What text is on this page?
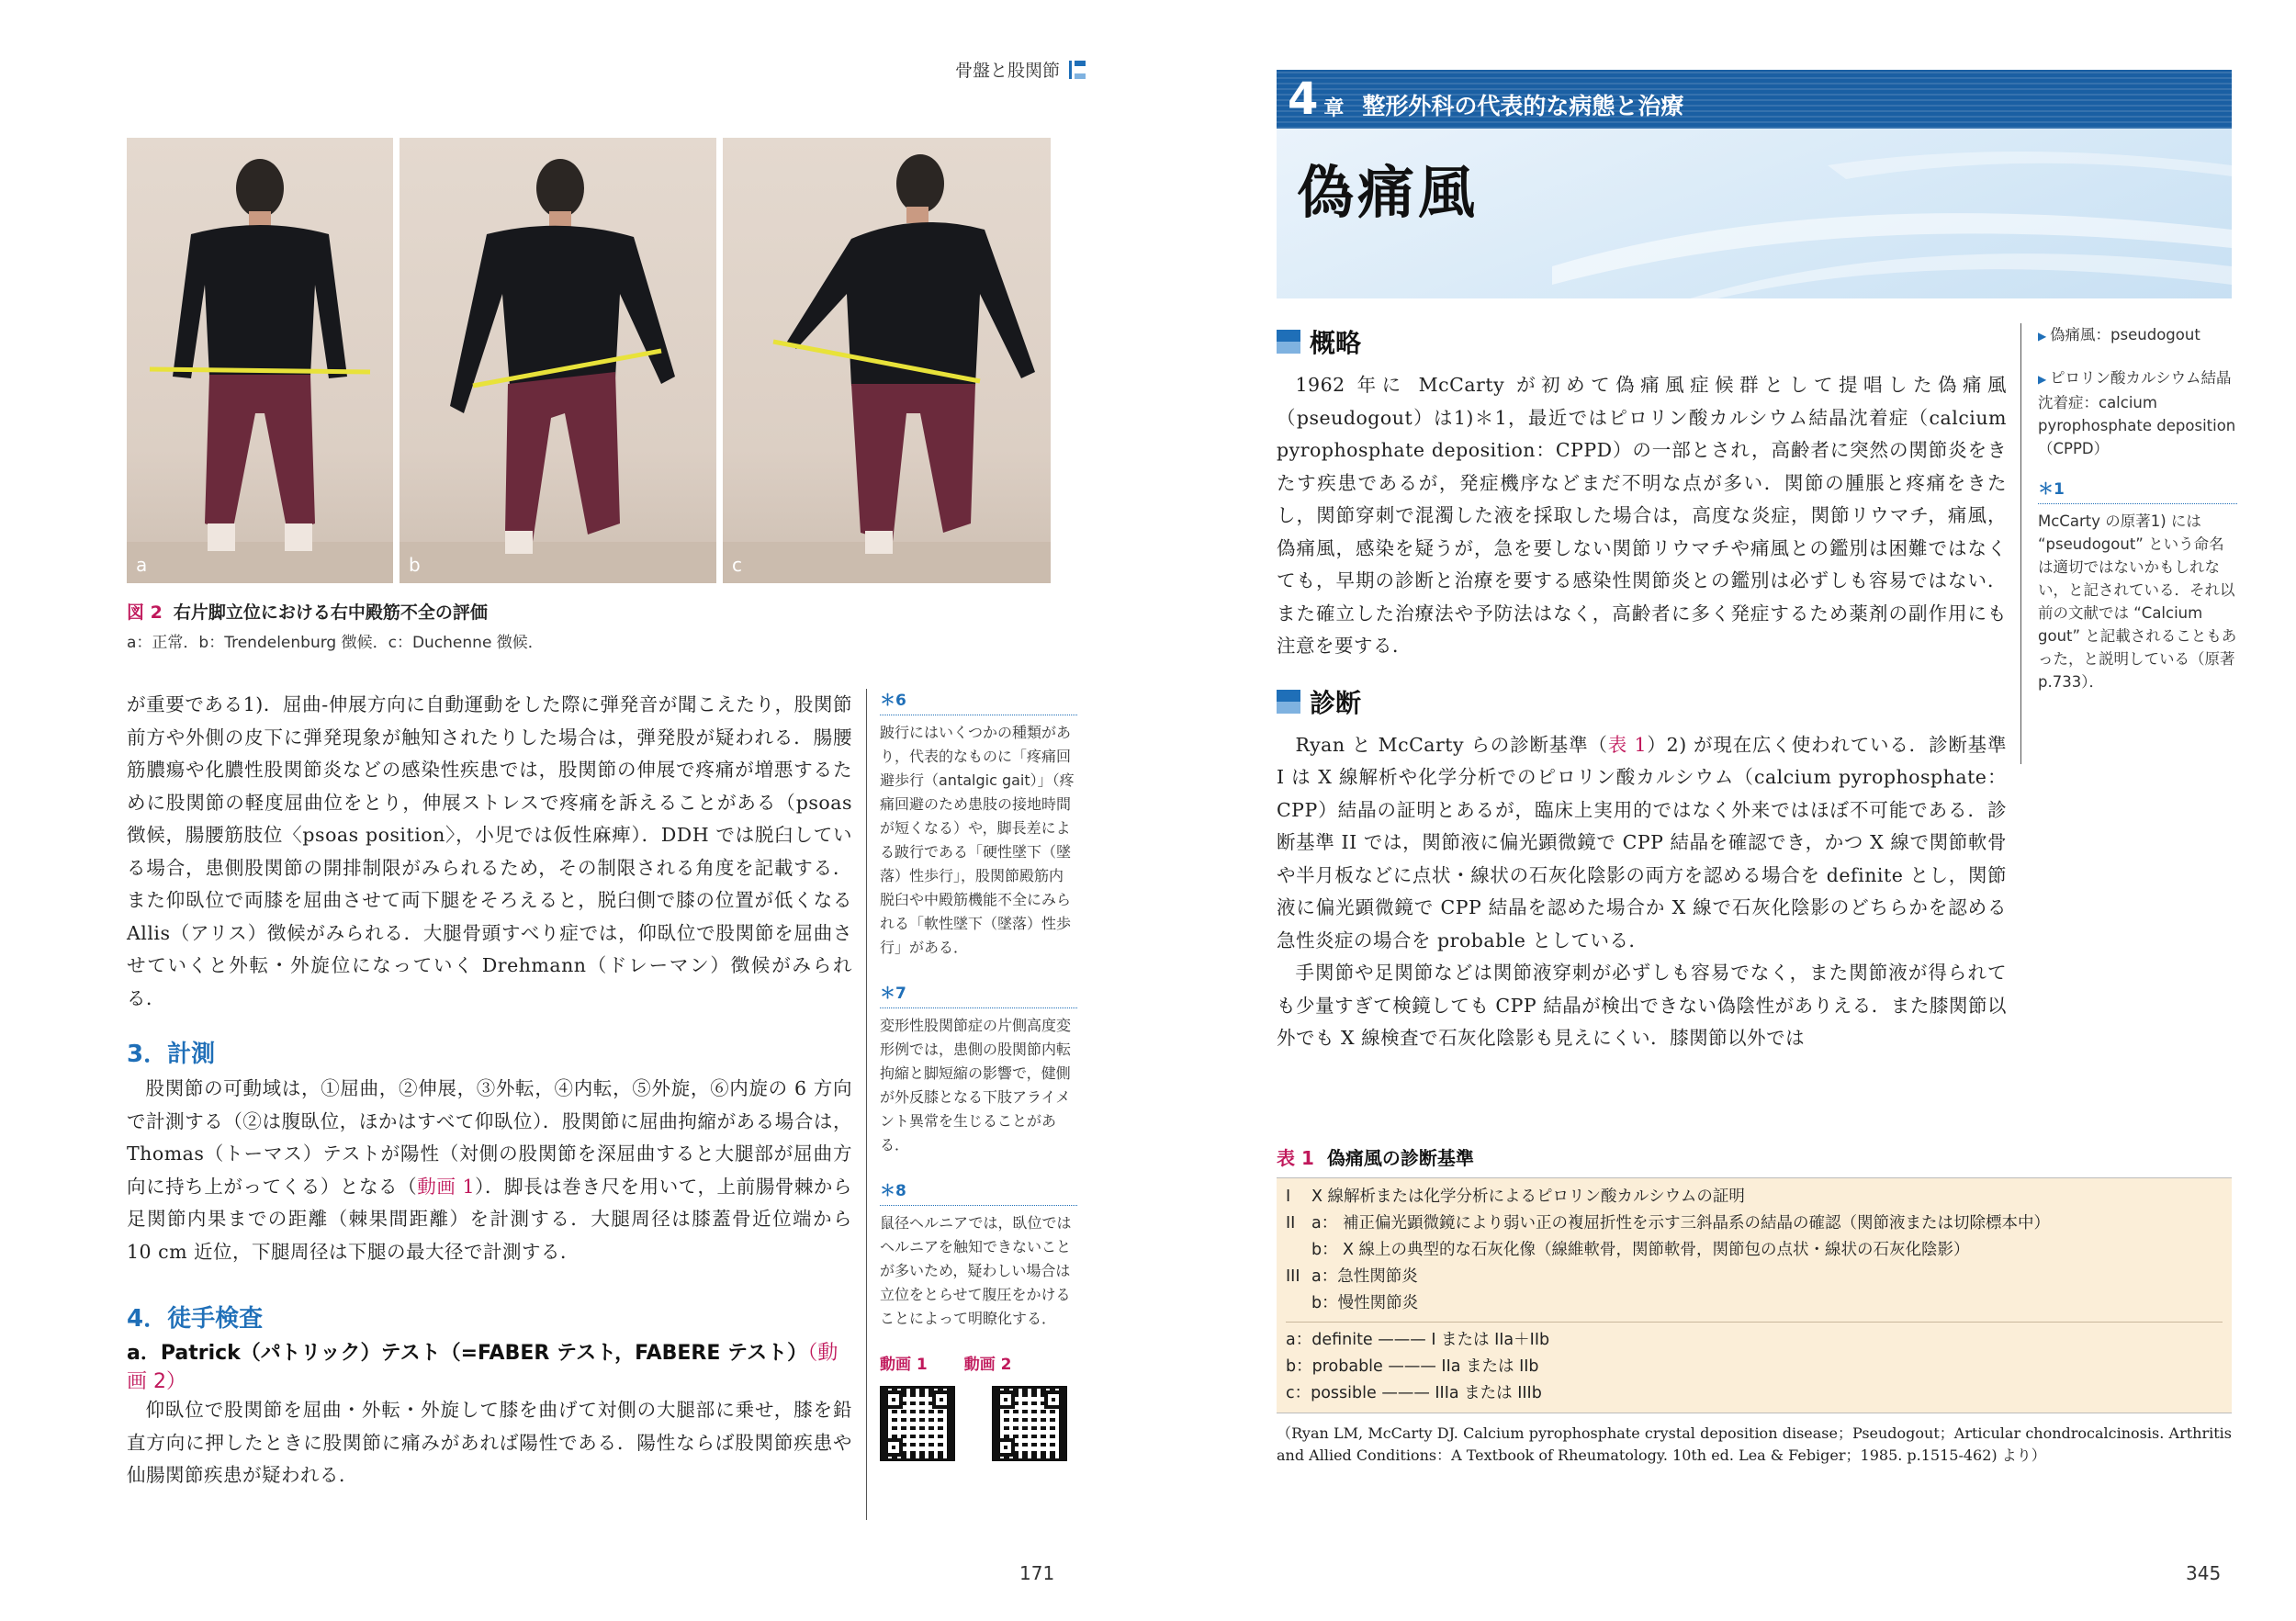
骨盤と股関節
a	b	c
図 2 右片脚立位における右中殿筋不全の評価
a：正常．b：Trendelenburg 徴候．c：Duchenne 徴候．

が重要である1)．屈曲-伸展方向に自動運動をした際に弾発音が聞こえたり，股関節前方や外側の皮下に弾発現象が触知されたりした場合は，弾発股が疑われる．腸腰筋膿瘍や化膿性股関節炎などの感染性疾患では，股関節の伸展で疼痛が増悪するために股関節の軽度屈曲位をとり，伸展ストレスで疼痛を訴えることがある（psoas 徴候，腸腰筋肢位〈psoas position〉，小児では仮性麻痺）．DDH では脱臼している場合，患側股関節の開排制限がみられるため，その制限される角度を記載する．また仰臥位で両膝を屈曲させて両下腿をそろえると，脱臼側で膝の位置が低くなる Allis（アリス）徴候がみられる．大腿骨頭すべり症では，仰臥位で股関節を屈曲させていくと外転・外旋位になっていく Drehmann（ドレーマン）徴候がみられる．

3．計測

股関節の可動域は，①屈曲，②伸展，③外転，④内転，⑤外旋，⑥内旋の 6 方向で計測する（②は腹臥位，ほかはすべて仰臥位）．股関節に屈曲拘縮がある場合は，Thomas（トーマス）テストが陽性（対側の股関節を深屈曲すると大腿部が屈曲方向に持ち上がってくる）となる（動画 1）．脚長は巻き尺を用いて，上前腸骨棘から足関節内果までの距離（棘果間距離）を計測する．大腿周径は膝蓋骨近位端から 10 cm 近位，下腿周径は下腿の最大径で計測する．

4．徒手検査
a．Patrick（パトリック）テスト（=FABER テスト，FABERE テスト）（動画 2）

仰臥位で股関節を屈曲・外転・外旋して膝を曲げて対側の大腿部に乗せ，膝を鉛直方向に押したときに股関節に痛みがあれば陽性である．陽性ならば股関節疾患や仙腸関節疾患が疑われる．

＊6
跛行にはいくつかの種類があり，代表的なものに「疼痛回避歩行（antalgic gait）」（疼痛回避のため患肢の接地時間が短くなる）や，脚長差による跛行である「硬性墜下（墜落）性歩行」，股関節殿筋内脱臼や中殿筋機能不全にみられる「軟性墜下（墜落）性歩行」がある．
＊7
変形性股関節症の片側高度変形例では，患側の股関節内転拘縮と脚短縮の影響で，健側が外反膝となる下肢アライメント異常を生じることがある．
＊8
鼠径ヘルニアでは，臥位ではヘルニアを触知できないことが多いため，疑わしい場合は立位をとらせて腹圧をかけることによって明瞭化する．
動画 1 動画 2
171
4 章 整形外科の代表的な病態と治療
偽痛風
概略

1962 年に McCarty が初めて偽痛風症候群として提唱した偽痛風（pseudogout）は1)＊1，最近ではピロリン酸カルシウム結晶沈着症（calcium pyrophosphate deposition：CPPD）の一部とされ，高齢者に突然の関節炎をきたす疾患であるが，発症機序などまだ不明な点が多い．関節の腫脹と疼痛をきたし，関節穿刺で混濁した液を採取した場合は，高度な炎症，関節リウマチ，痛風，偽痛風，感染を疑うが，急を要しない関節リウマチや痛風との鑑別は困難ではなくても，早期の診断と治療を要する感染性関節炎との鑑別は必ずしも容易ではない．また確立した治療法や予防法はなく，高齢者に多く発症するため薬剤の副作用にも注意を要する．

診断

Ryan と McCarty らの診断基準（表 1）2) が現在広く使われている．診断基準 I は X 線解析や化学分析でのピロリン酸カルシウム（calcium pyrophosphate：CPP）結晶の証明とあるが，臨床上実用的ではなく外来ではほぼ不可能である．診断基準 II では，関節液に偏光顕微鏡で CPP 結晶を確認でき，かつ X 線で関節軟骨や半月板などに点状・線状の石灰化陰影の両方を認める場合を definite とし，関節液に偏光顕微鏡で CPP 結晶を認めた場合か X 線で石灰化陰影のどちらかを認める急性炎症の場合を probable としている．

手関節や足関節などは関節液穿刺が必ずしも容易でなく，また関節液が得られても少量すぎて検鏡しても CPP 結晶が検出できない偽陰性がありえる．また膝関節以外でも X 線検査で石灰化陰影も見えにくい．膝関節以外では

▶ 偽痛風：pseudogout
▶ ピロリン酸カルシウム結晶沈着症：calcium pyrophosphate deposition（CPPD）
＊1
McCarty の原著1) には “pseudogout” という命名は適切ではないかもしれない，と記されている．それ以前の文献では “Calcium gout” と記載されることもあった，と説明している（原著 p.733）．
表 1 偽痛風の診断基準
I	X 線解析または化学分析によるピロリン酸カルシウムの証明
II	a： 補正偏光顕微鏡により弱い正の複屈折性を示す三斜晶系の結晶の確認（関節液または切除標本中）
b： X 線上の典型的な石灰化像（線維軟骨，関節軟骨，関節包の点状・線状の石灰化陰影）
III a：急性関節炎
b：慢性関節炎
a：definite ——— I または IIa＋IIb
b：probable ——— IIa または IIb
c：possible ——— IIIa または IIIb
（Ryan LM, McCarty DJ. Calcium pyrophosphate crystal deposition disease；Pseudogout；Articular chondrocalcinosis. Arthritis and Allied Conditions：A Textbook of Rheumatology. 10th ed. Lea & Febiger；1985. p.1515-462) より）
345
